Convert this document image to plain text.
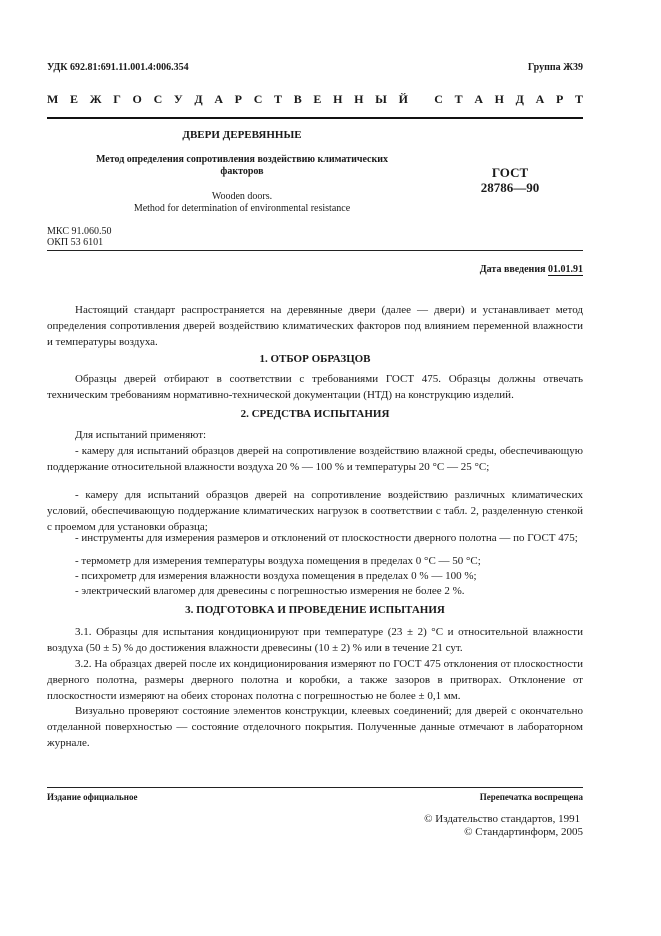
УДК 692.81:691.11.001.4:006.354	Группа Ж39
М Е Ж Г О С У Д А Р С Т В Е Н Н Ы Й
С Т А Н Д А Р Т
ДВЕРИ ДЕРЕВЯННЫЕ
Метод определения сопротивления воздействию климатических
факторов
Wooden doors.
Method for determination of environmental resistance
ГОСТ
28786—90
МКС 91.060.50
ОКП 53 6101
Дата введения 01.01.91
Настоящий стандарт распространяется на деревянные двери (далее — двери) и устанавливает метод определения сопротивления дверей воздействию климатических факторов под влиянием переменной влажности и температуры воздуха.
1. ОТБОР ОБРАЗЦОВ
Образцы дверей отбирают в соответствии с требованиями ГОСТ 475. Образцы должны отвечать техническим требованиям нормативно-технической документации (НТД) на конструкцию изделий.
2. СРЕДСТВА ИСПЫТАНИЯ
Для испытаний применяют:
- камеру для испытаний образцов дверей на сопротивление воздействию влажной среды, обеспечивающую поддержание относительной влажности воздуха 20 % — 100 % и температуры 20 °С — 25 °С;
- камеру для испытаний образцов дверей на сопротивление воздействию различных климатических условий, обеспечивающую поддержание климатических нагрузок в соответствии с табл. 2, разделенную стенкой с проемом для установки образца;
- инструменты для измерения размеров и отклонений от плоскостности дверного полотна — по ГОСТ 475;
- термометр для измерения температуры воздуха помещения в пределах 0 °С — 50 °С;
- психрометр для измерения влажности воздуха помещения в пределах 0 % — 100 %;
- электрический влагомер для древесины с погрешностью измерения не более 2 %.
3. ПОДГОТОВКА И ПРОВЕДЕНИЕ ИСПЫТАНИЯ
3.1. Образцы для испытания кондиционируют при температуре (23 ± 2) °С и относительной влажности воздуха (50 ± 5) % до достижения влажности древесины (10 ± 2) % или в течение 21 сут.
3.2. На образцах дверей после их кондиционирования измеряют по ГОСТ 475 отклонения от плоскостности дверного полотна, размеры дверного полотна и коробки, а также зазоров в притворах. Отклонение от плоскостности измеряют на обеих сторонах полотна с погрешностью не более ± 0,1 мм.
Визуально проверяют состояние элементов конструкции, клеевых соединений; для дверей с окончательно отделанной поверхностью — состояние отделочного покрытия. Полученные данные отмечают в лабораторном журнале.
Издание официальное	Перепечатка воспрещена
© Издательство стандартов, 1991
© Стандартинформ, 2005
